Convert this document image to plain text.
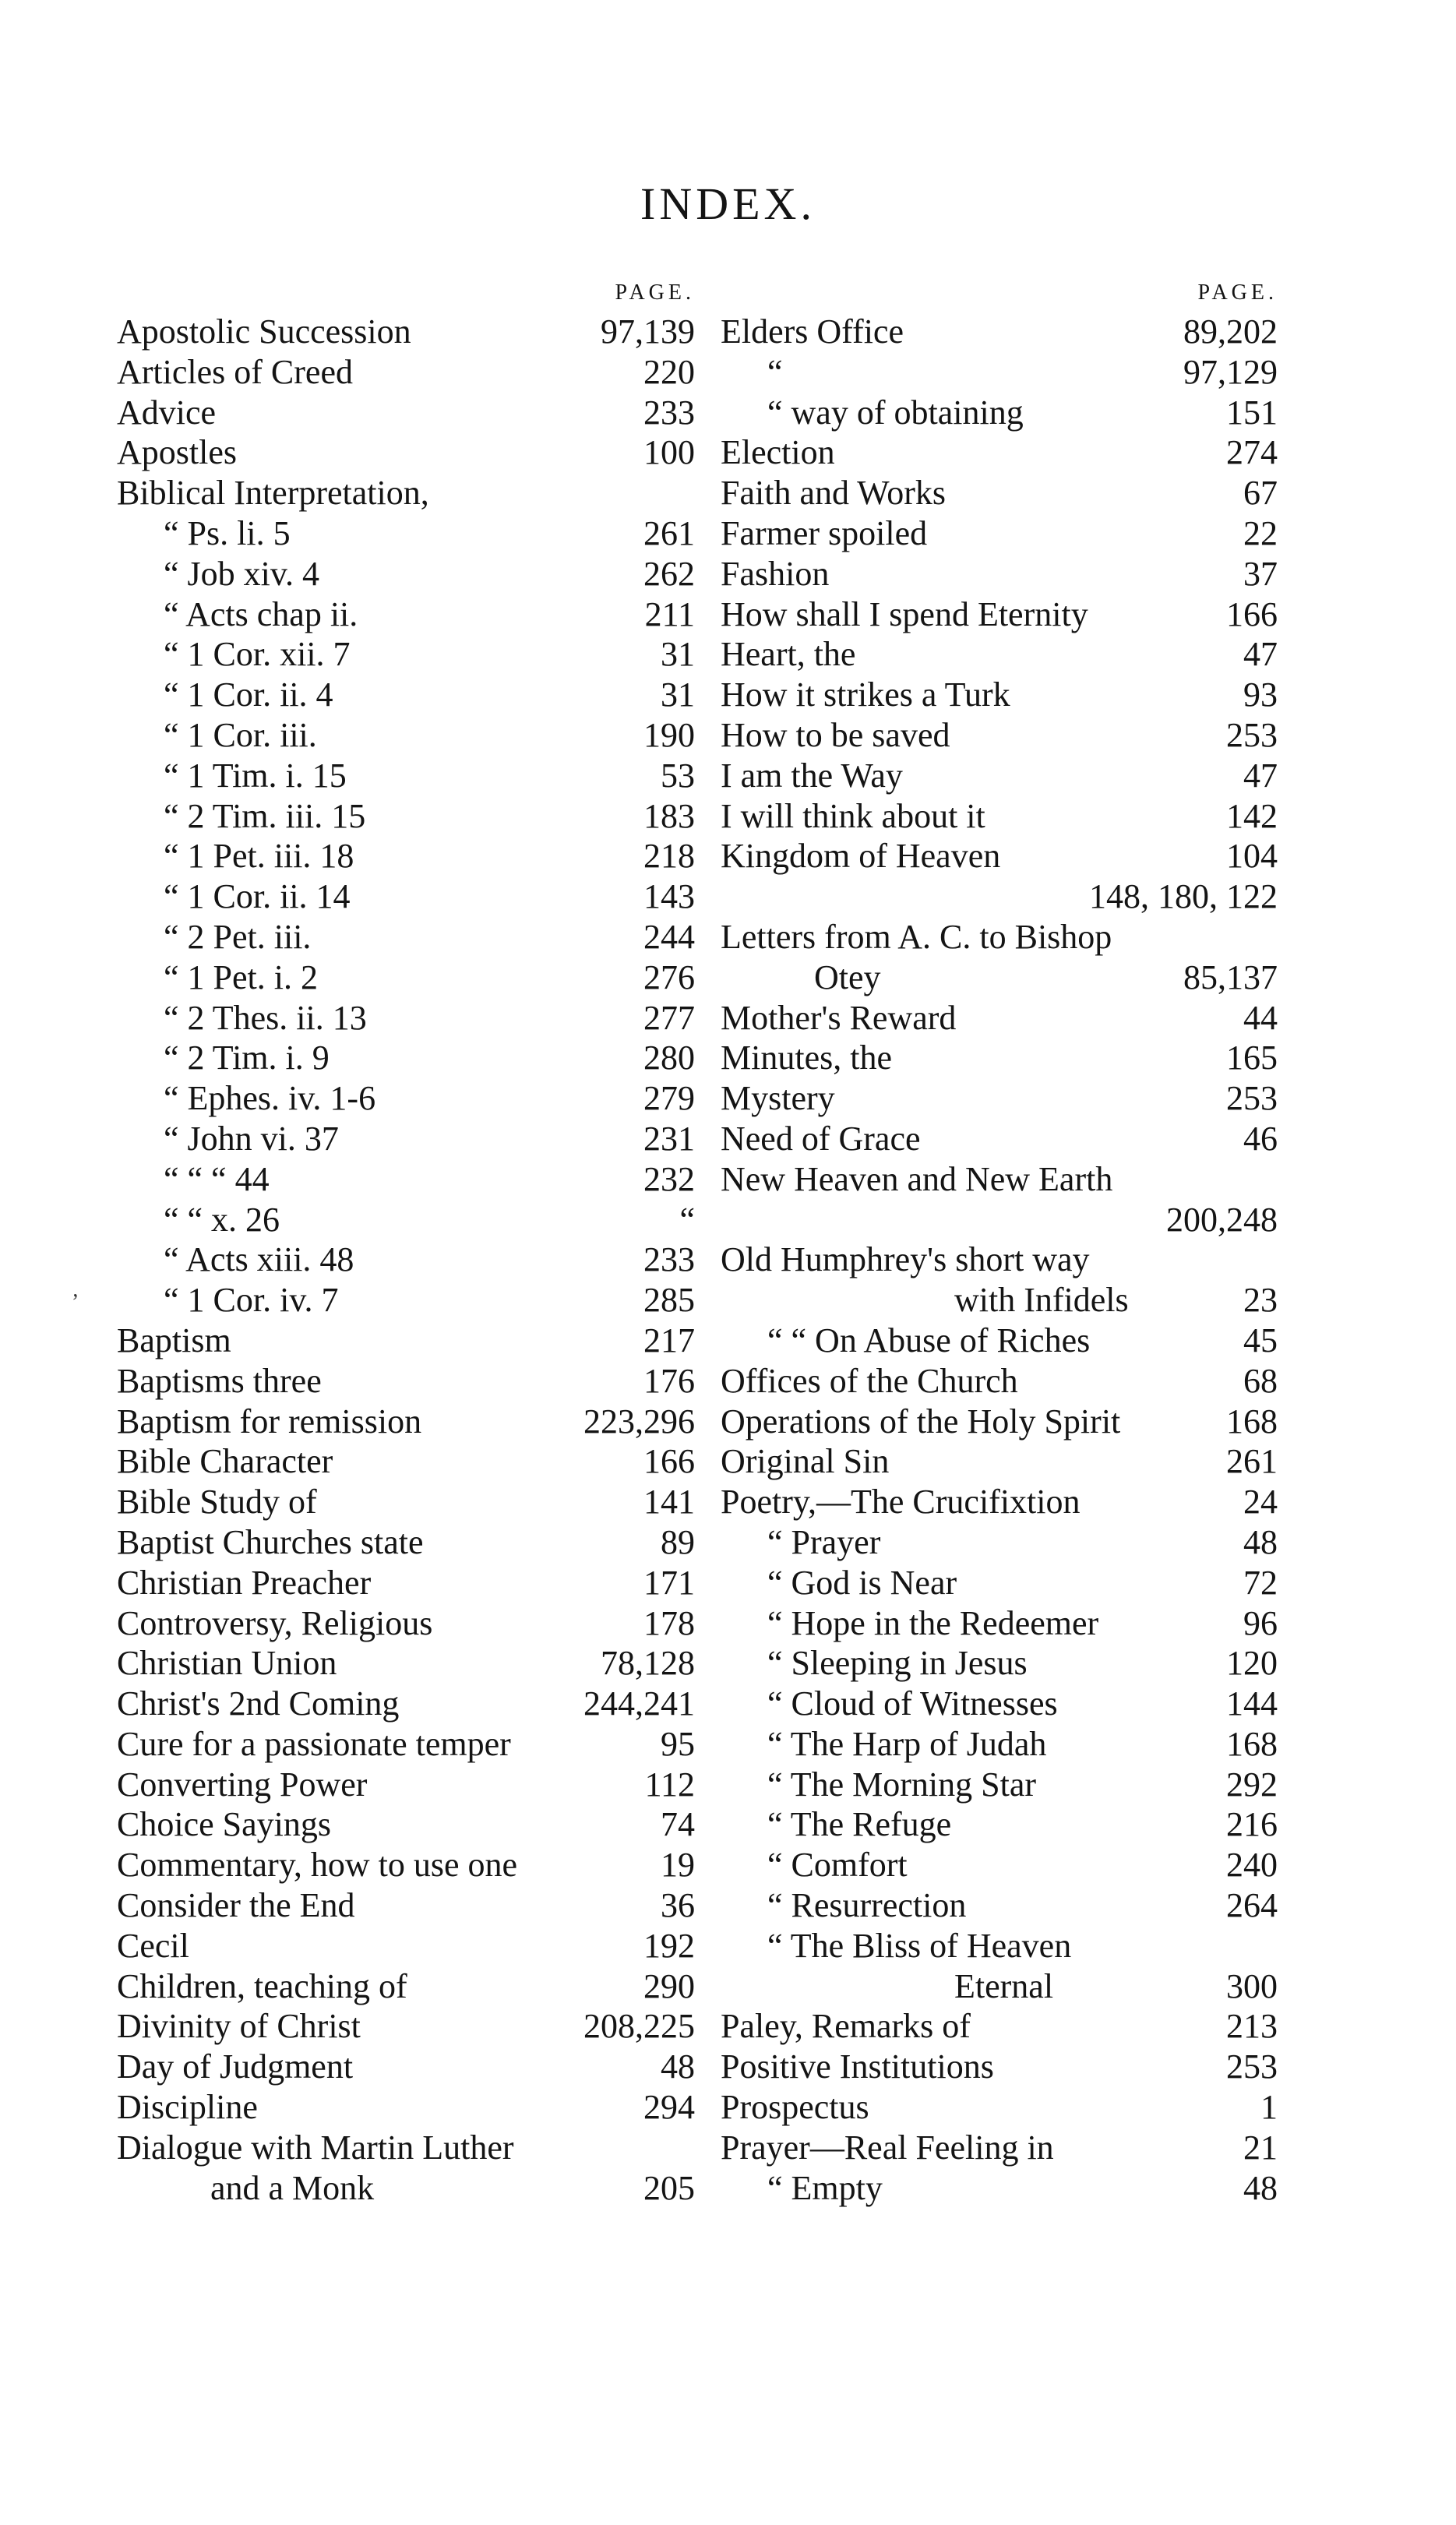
INDEX.
PAGE.
Apostolic Succession	97,139
Articles of Creed	220
Advice	233
Apostles	100
Biblical Interpretation,
“ Ps. li. 5	261
“ Job xiv. 4	262
“ Acts chap ii.	211
“ 1 Cor. xii. 7	31
“ 1 Cor. ii. 4	31
“ 1 Cor. iii.	190
“ 1 Tim. i. 15	53
“ 2 Tim. iii. 15	183
“ 1 Pet. iii. 18	218
“ 1 Cor. ii. 14	143
“ 2 Pet. iii.	244
“ 1 Pet. i. 2	276
“ 2 Thes. ii. 13	277
“ 2 Tim. i. 9	280
“ Ephes. iv. 1-6	279
“ John vi. 37	231
“ “ “ 44	232
“ “ x. 26	“
“ Acts xiii. 48	233
“ 1 Cor. iv. 7	285
Baptism	217
Baptisms three	176
Baptism for remission	223,296
Bible Character	166
Bible Study of	141
Baptist Churches state	89
Christian Preacher	171
Controversy, Religious	178
Christian Union	78,128
Christ's 2nd Coming	244,241
Cure for a passionate temper	95
Converting Power	112
Choice Sayings	74
Commentary, how to use one	19
Consider the End	36
Cecil	192
Children, teaching of	290
Divinity of Christ	208,225
Day of Judgment	48
Discipline	294
Dialogue with Martin Luther
and a Monk	205
PAGE.
Elders Office	89,202
“	97,129
“ way of obtaining	151
Election	274
Faith and Works	67
Farmer spoiled	22
Fashion	37
How shall I spend Eternity	166
Heart, the	47
How it strikes a Turk	93
How to be saved	253
I am the Way	47
I will think about it	142
Kingdom of Heaven	104
148, 180, 122
Letters from A. C. to Bishop
Otey	85,137
Mother's Reward	44
Minutes, the	165
Mystery	253
Need of Grace	46
New Heaven and New Earth
200,248
Old Humphrey's short way
with Infidels	23
“ “ On Abuse of Riches	45
Offices of the Church	68
Operations of the Holy Spirit	168
Original Sin	261
Poetry,—The Crucifixtion	24
“ Prayer	48
“ God is Near	72
“ Hope in the Redeemer	96
“ Sleeping in Jesus	120
“ Cloud of Witnesses	144
“ The Harp of Judah	168
“ The Morning Star	292
“ The Refuge	216
“ Comfort	240
“ Resurrection	264
“ The Bliss of Heaven
Eternal	300
Paley, Remarks of	213
Positive Institutions	253
Prospectus	1
Prayer—Real Feeling in	21
“ Empty	48
‚
